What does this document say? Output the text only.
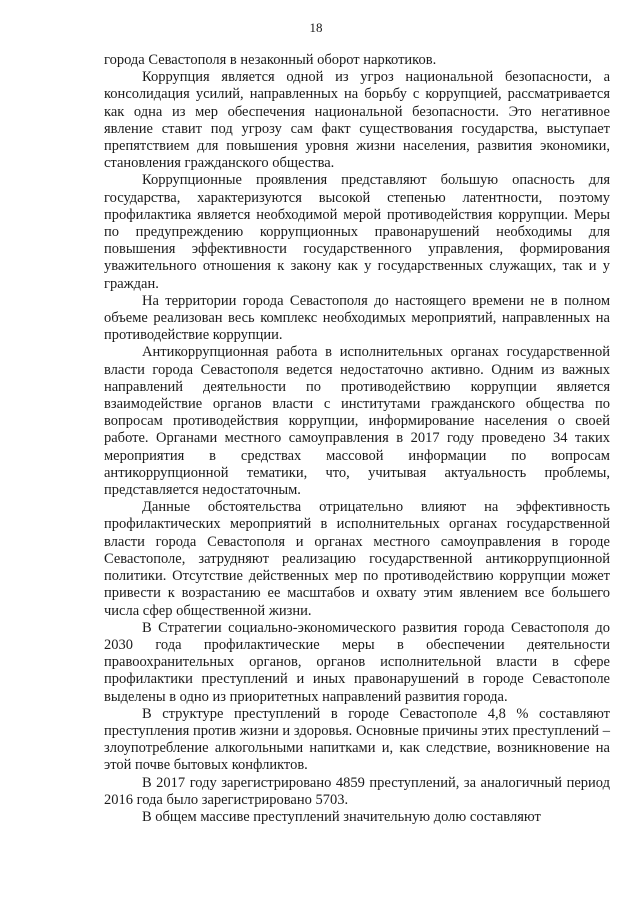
18

города Севастополя в незаконный оборот наркотиков.

Коррупция является одной из угроз национальной безопасности, а консолидация усилий, направленных на борьбу с коррупцией, рассматривается как одна из мер обеспечения национальной безопасности. Это негативное явление ставит под угрозу сам факт существования государства, выступает препятствием для повышения уровня жизни населения, развития экономики, становления гражданского общества.

Коррупционные проявления представляют большую опасность для государства, характеризуются высокой степенью латентности, поэтому профилактика является необходимой мерой противодействия коррупции. Меры по предупреждению коррупционных правонарушений необходимы для повышения эффективности государственного управления, формирования уважительного отношения к закону как у государственных служащих, так и у граждан.

На территории города Севастополя до настоящего времени не в полном объеме реализован весь комплекс необходимых мероприятий, направленных на противодействие коррупции.

Антикоррупционная работа в исполнительных органах государственной власти города Севастополя ведется недостаточно активно. Одним из важных направлений деятельности по противодействию коррупции является взаимодействие органов власти с институтами гражданского общества по вопросам противодействия коррупции, информирование населения о своей работе. Органами местного самоуправления в 2017 году проведено 34 таких мероприятия в средствах массовой информации по вопросам антикоррупционной тематики, что, учитывая актуальность проблемы, представляется недостаточным.

Данные обстоятельства отрицательно влияют на эффективность профилактических мероприятий в исполнительных органах государственной власти города Севастополя и органах местного самоуправления в городе Севастополе, затрудняют реализацию государственной антикоррупционной политики. Отсутствие действенных мер по противодействию коррупции может привести к возрастанию ее масштабов и охвату этим явлением все большего числа сфер общественной жизни.

В Стратегии социально-экономического развития города Севастополя до 2030 года профилактические меры в обеспечении деятельности правоохранительных органов, органов исполнительной власти в сфере профилактики преступлений и иных правонарушений в городе Севастополе выделены в одно из приоритетных направлений развития города.

В структуре преступлений в городе Севастополе 4,8 % составляют преступления против жизни и здоровья. Основные причины этих преступлений – злоупотребление алкогольными напитками и, как следствие, возникновение на этой почве бытовых конфликтов.

В 2017 году зарегистрировано 4859 преступлений, за аналогичный период 2016 года было зарегистрировано 5703.

В общем массиве преступлений значительную долю составляют
